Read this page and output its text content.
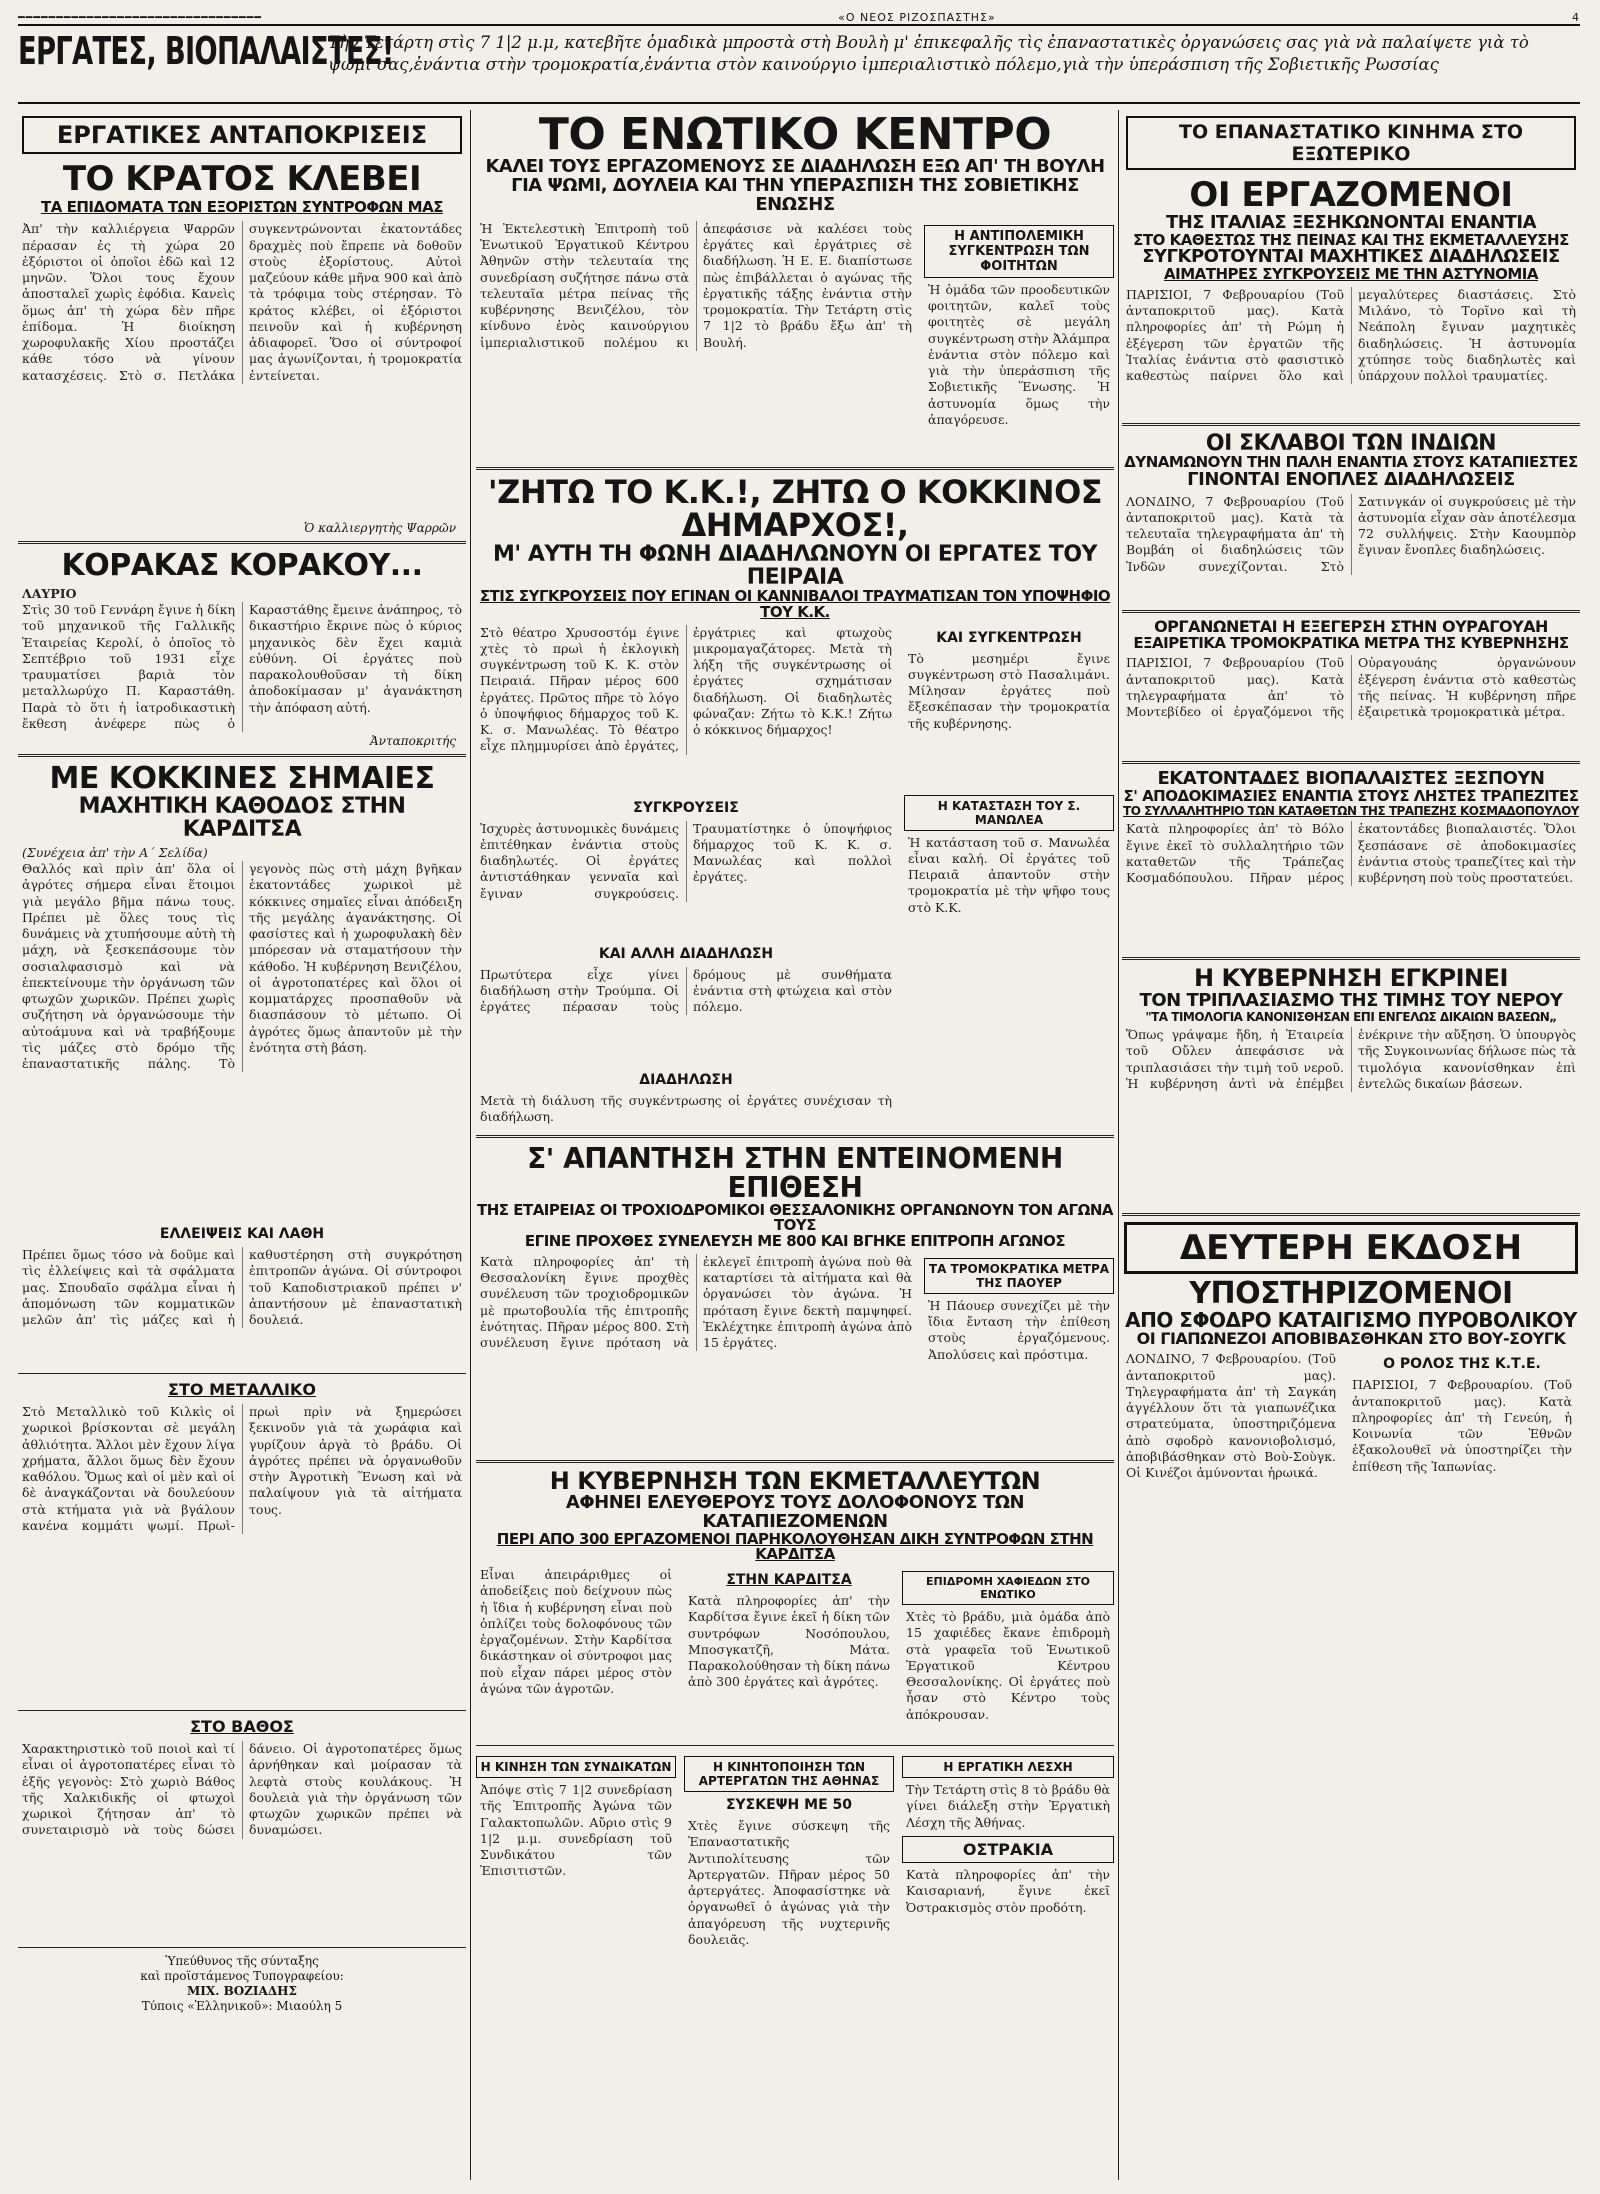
━━━━━━━━━━━━━━━━━━━━━━━━━━━━━━━━	«Ο ΝΕΟΣ ΡΙΖΟΣΠΑΣΤΗΣ»	4
ΕΡΓΑΤΕΣ, ΒΙΟΠΑΛΑΙΣΤΕΣ!
Τὴν Τετάρτη στὶς 7 1|2 μ.μ, κατεβῆτε ὁμαδικὰ μπροστὰ στὴ Βουλὴ μ' ἐπικεφαλῆς τὶς ἐπαναστατικὲς ὀργανώσεις σας γιὰ νὰ παλαίψετε γιὰ τὸ ψωμί σας,ἐνάντια στὴν τρομοκρατία,ἐνάντια στὸν καινούργιο ἰμπεριαλιστικὸ πόλεμο,γιὰ τὴν ὑπεράσπιση τῆς Σοβιετικῆς Ρωσσίας
ΕΡΓΑΤΙΚΕΣ ΑΝΤΑΠΟΚΡΙΣΕΙΣ
ΤΟ ΚΡΑΤΟΣ ΚΛΕΒΕΙ
ΤΑ ΕΠΙΔΟΜΑΤΑ ΤΩΝ ΕΞΟΡΙΣΤΩΝ ΣΥΝΤΡΟΦΩΝ ΜΑΣ
Ἀπ' τὴν καλλιέργεια Ψαρρῶν πέρασαν ἐς τὴ χώρα 20 ἐξόριστοι οἱ ὁποῖοι ἐδῶ καὶ 12 μηνῶν. Ὅλοι τους ἔχουν ἀποσταλεῖ χωρὶς ἐφόδια. Κανεὶς ὅμως ἀπ' τὴ χώρα δὲν πῆρε ἐπίδομα. Ἡ διοίκηση χωροφυλακῆς Χίου προστάζει κάθε τόσο νὰ γίνουν κατασχέσεις. Στὸ σ. Πετλάκα συγκεντρώνονται ἐκατοντάδες δραχμὲς ποὺ ἔπρεπε νὰ δοθοῦν στοὺς ἐξορίστους. Αὐτοὶ μαζεύουν κάθε μῆνα 900 καὶ ἀπὸ τὰ τρόφιμα τοὺς στέρησαν. Τὸ κράτος κλέβει, οἱ ἐξόριστοι πεινοῦν καὶ ἡ κυβέρνηση ἀδιαφορεῖ. Ὅσο οἱ σύντροφοί μας ἀγωνίζονται, ἡ τρομοκρατία ἐντείνεται.
Ὁ καλλιεργητὴς Ψαρρῶν
ΚΟΡΑΚΑΣ ΚΟΡΑΚΟΥ...
ΛΑΥΡΙΟ
Στὶς 30 τοῦ Γεννάρη ἔγινε ἡ δίκη τοῦ μηχανικοῦ τῆς Γαλλικῆς Ἑταιρείας Κερολί, ὁ ὁποῖος τὸ Σεπτέβριο τοῦ 1931 εἶχε τραυματίσει βαριὰ τὸν μεταλλωρύχο Π. Καραστάθη. Παρὰ τὸ ὅτι ἡ ἰατροδικαστικὴ ἔκθεση ἀνέφερε πὼς ὁ Καραστάθης ἔμεινε ἀνάπηρος, τὸ δικαστήριο ἔκρινε πὼς ὁ κύριος μηχανικὸς δὲν ἔχει καμιὰ εὐθύνη. Οἱ ἐργάτες ποὺ παρακολουθοῦσαν τὴ δίκη ἀποδοκίμασαν μ' ἀγανάκτηση τὴν ἀπόφαση αὐτή.
Ἀνταποκριτής
ΜΕ ΚΟΚΚΙΝΕΣ ΣΗΜΑΙΕΣ
ΜΑΧΗΤΙΚΗ ΚΑΘΟΔΟΣ ΣΤΗΝ ΚΑΡΔΙΤΣΑ
(Συνέχεια ἀπ' τὴν Α΄ Σελίδα)
Θαλλός καὶ πρὶν ἀπ' ὅλα οἱ ἀγρότες σήμερα εἶναι ἕτοιμοι γιὰ μεγάλο βῆμα πάνω τους. Πρέπει μὲ ὅλες τους τὶς δυνάμεις νὰ χτυπήσουμε αὐτὴ τὴ μάχη, νὰ ξεσκεπάσουμε τὸν σοσιαλφασισμὸ καὶ νὰ ἐπεκτείνουμε τὴν ὀργάνωση τῶν φτωχῶν χωρικῶν. Πρέπει χωρὶς συζήτηση νὰ ὀργανώσουμε τὴν αὐτοάμυνα καὶ νὰ τραβήξουμε τὶς μάζες στὸ δρόμο τῆς ἐπαναστατικῆς πάλης. Τὸ γεγονὸς πὼς στὴ μάχη βγῆκαν ἑκατοντάδες χωρικοὶ μὲ κόκκινες σημαῖες εἶναι ἀπόδειξη τῆς μεγάλης ἀγανάκτησης. Οἱ φασίστες καὶ ἡ χωροφυλακὴ δὲν μπόρεσαν νὰ σταματήσουν τὴν κάθοδο. Ἡ κυβέρνηση Βενιζέλου, οἱ ἀγροτοπατέρες καὶ ὅλοι οἱ κομματάρχες προσπαθοῦν νὰ διασπάσουν τὸ μέτωπο. Οἱ ἀγρότες ὅμως ἀπαντοῦν μὲ τὴν ἑνότητα στὴ βάση.
ΕΛΛΕΙΨΕΙΣ ΚΑΙ ΛΑΘΗ
Πρέπει ὅμως τόσο νὰ δοῦμε καὶ τὶς ἐλλείψεις καὶ τὰ σφάλματα μας. Σπουδαῖο σφάλμα εἶναι ἡ ἀπομόνωση τῶν κομματικῶν μελῶν ἀπ' τὶς μάζες καὶ ἡ καθυστέρηση στὴ συγκρότηση ἐπιτροπῶν ἀγώνα. Οἱ σύντροφοι τοῦ Καποδιστριακοῦ πρέπει ν' ἀπαντήσουν μὲ ἐπαναστατικὴ δουλειά.
ΣΤΟ ΜΕΤΑΛΛΙΚΟ
Στὸ Μεταλλικὸ τοῦ Κιλκὶς οἱ χωρικοὶ βρίσκονται σὲ μεγάλη ἀθλιότητα. Ἄλλοι μὲν ἔχουν λίγα χρήματα, ἄλλοι ὅμως δὲν ἔχουν καθόλου. Ὅμως καὶ οἱ μὲν καὶ οἱ δὲ ἀναγκάζονται νὰ δουλεύουν στὰ κτήματα γιὰ νὰ βγάλουν κανένα κομμάτι ψωμί. Πρωὶ-πρωὶ πρὶν νὰ ξημερώσει ξεκινοῦν γιὰ τὰ χωράφια καὶ γυρίζουν ἀργὰ τὸ βράδυ. Οἱ ἀγρότες πρέπει νὰ ὀργανωθοῦν στὴν Ἀγροτικὴ Ἕνωση καὶ νὰ παλαίψουν γιὰ τὰ αἰτήματα τους.
ΣΤΟ ΒΑΘΟΣ
Χαρακτηριστικὸ τοῦ ποιοὶ καὶ τί εἶναι οἱ ἀγροτοπατέρες εἶναι τὸ ἑξῆς γεγονὸς: Στὸ χωριὸ Βάθος τῆς Χαλκιδικῆς οἱ φτωχοὶ χωρικοὶ ζήτησαν ἀπ' τὸ συνεταιρισμὸ νὰ τοὺς δώσει δάνειο. Οἱ ἀγροτοπατέρες ὅμως ἀρνήθηκαν καὶ μοίρασαν τὰ λεφτὰ στοὺς κουλάκους. Ἡ δουλειὰ γιὰ τὴν ὀργάνωση τῶν φτωχῶν χωρικῶν πρέπει νὰ δυναμώσει.
Ὑπεύθυνος τῆς σύνταξης
καὶ προϊστάμενος Τυπογραφείου:
ΜΙΧ. ΒΟΖΙΑΔΗΣ
Τύποις «Ἑλληνικοῦ»: Μιαούλη 5
ΤΟ ΕΝΩΤΙΚΟ ΚΕΝΤΡΟ
ΚΑΛΕΙ ΤΟΥΣ ΕΡΓΑΖΟΜΕΝΟΥΣ ΣΕ ΔΙΑΔΗΛΩΣΗ ΕΞΩ ΑΠ' ΤΗ ΒΟΥΛΗ
ΓΙΑ ΨΩΜΙ, ΔΟΥΛΕΙΑ ΚΑΙ ΤΗΝ ΥΠΕΡΑΣΠΙΣΗ ΤΗΣ ΣΟΒΙΕΤΙΚΗΣ ΕΝΩΣΗΣ
Ἡ Ἐκτελεστικὴ Ἐπιτροπὴ τοῦ Ἑνωτικοῦ Ἐργατικοῦ Κέντρου Ἀθηνῶν στὴν τελευταία της συνεδρίαση συζήτησε πάνω στὰ τελευταῖα μέτρα πείνας τῆς κυβέρνησης Βενιζέλου, τὸν κίνδυνο ἑνὸς καινούργιου ἰμπεριαλιστικοῦ πολέμου κι ἀπεφάσισε νὰ καλέσει τοὺς ἐργάτες καὶ ἐργάτριες σὲ διαδήλωση. Ἡ Ε. Ε. διαπίστωσε πὼς ἐπιβάλλεται ὁ αγώνας τῆς ἐργατικῆς τάξης ἐνάντια στὴν τρομοκρατία. Τὴν Τετάρτη στὶς 7 1|2 τὸ βράδυ ἔξω ἀπ' τὴ Βουλή.
Η ΑΝΤΙΠΟΛΕΜΙΚΗ ΣΥΓΚΕΝΤΡΩΣΗ ΤΩΝ ΦΟΙΤΗΤΩΝ
Ἡ ὁμάδα τῶν προοδευτικῶν φοιτητῶν, καλεῖ τοὺς φοιτητὲς σὲ μεγάλη συγκέντρωση στὴν Ἀλάμπρα ἐνάντια στὸν πόλεμο καὶ γιὰ τὴν ὑπεράσπιση τῆς Σοβιετικῆς Ἕνωσης. Ἡ ἀστυνομία ὅμως τὴν ἀπαγόρευσε.
'ΖΗΤΩ ΤΟ Κ.Κ.!, ΖΗΤΩ Ο ΚΟΚΚΙΝΟΣ ΔΗΜΑΡΧΟΣ!,
Μ' ΑΥΤΗ ΤΗ ΦΩΝΗ ΔΙΑΔΗΛΩΝΟΥΝ ΟΙ ΕΡΓΑΤΕΣ ΤΟΥ ΠΕΙΡΑΙΑ
ΣΤΙΣ ΣΥΓΚΡΟΥΣΕΙΣ ΠΟΥ ΕΓΙΝΑΝ ΟΙ ΚΑΝΝΙΒΑΛΟΙ ΤΡΑΥΜΑΤΙΣΑΝ ΤΟΝ ΥΠΟΨΗΦΙΟ ΤΟΥ Κ.Κ.
Στὸ θέατρο Χρυσοστόμ έγινε χτὲς τὸ πρωὶ ἡ ἐκλογικὴ συγκέντρωση τοῦ Κ. Κ. στὸν Πειραιά. Πῆραν μέρος 600 ἐργάτες. Πρῶτος πῆρε τὸ λόγο ὁ ὑποψήφιος δήμαρχος τοῦ Κ. Κ. σ. Μανωλέας. Τὸ θέατρο εἶχε πλημμυρίσει ἀπὸ ἐργάτες, ἐργάτριες καὶ φτωχοὺς μικρομαγαζάτορες. Μετὰ τὴ λήξη τῆς συγκέντρωσης οἱ ἐργάτες σχημάτισαν διαδήλωση. Οἱ διαδηλωτὲς φώναζαν: Ζήτω τὸ Κ.Κ.! Ζήτω ὁ κόκκινος δήμαρχος!
ΣΥΓΚΡΟΥΣΕΙΣ
Ἰσχυρὲς ἀστυνομικὲς δυνάμεις ἐπιτέθηκαν ἐνάντια στοὺς διαδηλωτές. Οἱ ἐργάτες ἀντιστάθηκαν γενναῖα καὶ ἔγιναν συγκρούσεις. Τραυματίστηκε ὁ ὑποψήφιος δήμαρχος τοῦ Κ. Κ. σ. Μανωλέας καὶ πολλοὶ ἐργάτες.
ΚΑΙ ΑΛΛΗ ΔΙΑΔΗΛΩΣΗ
Πρωτύτερα εἶχε γίνει διαδήλωση στὴν Τρούμπα. Οἱ ἐργάτες πέρασαν τοὺς δρόμους μὲ συνθήματα ἐνάντια στὴ φτώχεια καὶ στὸν πόλεμο.
ΔΙΑΔΗΛΩΣΗ
Μετὰ τὴ διάλυση τῆς συγκέντρωσης οἱ ἐργάτες συνέχισαν τὴ διαδήλωση.
ΚΑΙ ΣΥΓΚΕΝΤΡΩΣΗ
Τὸ μεσημέρι ἔγινε συγκέντρωση στὸ Πασαλιμάνι. Μίλησαν ἐργάτες ποὺ ἔξεσκέπασαν τὴν τρομοκρατία τῆς κυβέρνησης.
Η ΚΑΤΑΣΤΑΣΗ ΤΟΥ Σ. ΜΑΝΩΛΕΑ
Ἡ κατάσταση τοῦ σ. Μανωλέα εἶναι καλή. Οἱ ἐργάτες τοῦ Πειραιᾶ ἀπαντοῦν στὴν τρομοκρατία μὲ τὴν ψῆφο τους στὸ Κ.Κ.
Σ' ΑΠΑΝΤΗΣΗ ΣΤΗΝ ΕΝΤΕΙΝΟΜΕΝΗ ΕΠΙΘΕΣΗ
ΤΗΣ ΕΤΑΙΡΕΙΑΣ ΟΙ ΤΡΟΧΙΟΔΡΟΜΙΚΟΙ ΘΕΣΣΑΛΟΝΙΚΗΣ ΟΡΓΑΝΩΝΟΥΝ ΤΟΝ ΑΓΩΝΑ ΤΟΥΣ
ΕΓΙΝΕ ΠΡΟΧΘΕΣ ΣΥΝΕΛΕΥΣΗ ΜΕ 800 ΚΑΙ ΒΓΗΚΕ ΕΠΙΤΡΟΠΗ ΑΓΩΝΟΣ
Κατὰ πληροφορίες ἀπ' τὴ Θεσσαλονίκη ἔγινε προχθὲς συνέλευση τῶν τροχιοδρομικῶν μὲ πρωτοβουλία τῆς ἐπιτροπῆς ἐνότητας. Πῆραν μέρος 800. Στὴ συνέλευση ἔγινε πρόταση νὰ ἐκλεγεῖ ἐπιτροπὴ ἀγώνα ποὺ θὰ καταρτίσει τὰ αἰτήματα καὶ θὰ ὀργανώσει τὸν ἀγώνα. Ἡ πρόταση ἔγινε δεκτὴ παμψηφεί. Ἐκλέχτηκε ἐπιτροπὴ ἀγώνα ἀπὸ 15 ἐργάτες.
ΤΑ ΤΡΟΜΟΚΡΑΤΙΚΑ ΜΕΤΡΑ ΤΗΣ ΠΑΟΥΕΡ
Ἡ Πάουερ συνεχίζει μὲ τὴν ἴδια ἔνταση τὴν ἐπίθεση στοὺς ἐργαζόμενους. Ἀπολύσεις καὶ πρόστιμα.
Η ΚΥΒΕΡΝΗΣΗ ΤΩΝ ΕΚΜΕΤΑΛΛΕΥΤΩΝ
ΑΦΗΝΕΙ ΕΛΕΥΘΕΡΟΥΣ ΤΟΥΣ ΔΟΛΟΦΟΝΟΥΣ ΤΩΝ ΚΑΤΑΠΙΕΖΟΜΕΝΩΝ
ΠΕΡΙ ΑΠΟ 300 ΕΡΓΑΖΟΜΕΝΟΙ ΠΑΡΗΚΟΛΟΥΘΗΣΑΝ ΔΙΚΗ ΣΥΝΤΡΟΦΩΝ ΣΤΗΝ ΚΑΡΔΙΤΣΑ
Εἶναι ἀπειράριθμες οἱ ἀποδείξεις ποὺ δείχνουν πὼς ἡ ἴδια ἡ κυβέρνηση εἶναι ποὺ ὁπλίζει τοὺς δολοφόνους τῶν ἐργαζομένων. Στὴν Καρδίτσα δικάστηκαν οἱ σύντροφοι μας ποὺ εἶχαν πάρει μέρος στὸν ἀγώνα τῶν ἀγροτῶν.
ΣΤΗΝ ΚΑΡΔΙΤΣΑ
Κατὰ πληροφορίες ἀπ' τὴν Καρδίτσα ἔγινε ἐκεῖ ἡ δίκη τῶν συντρόφων Νοσόπουλου, Μποσγκατζῆ, Μάτα. Παρακολούθησαν τὴ δίκη πάνω ἀπὸ 300 ἐργάτες καὶ ἀγρότες.
ΕΠΙΔΡΟΜΗ ΧΑΦΙΕΔΩΝ ΣΤΟ ΕΝΩΤΙΚΟ
Χτὲς τὸ βράδυ, μιὰ ὁμάδα ἀπὸ 15 χαφιέδες ἔκανε ἐπιδρομὴ στὰ γραφεῖα τοῦ Ἑνωτικοῦ Ἐργατικοῦ Κέντρου Θεσσαλονίκης. Οἱ ἐργάτες ποὺ ἦσαν στὸ Κέντρο τοὺς ἀπόκρουσαν.
Η ΚΙΝΗΣΗ ΤΩΝ ΣΥΝΔΙΚΑΤΩΝ
Ἀπόψε στὶς 7 1|2 συνεδρίαση τῆς Ἐπιτροπῆς Ἀγώνα τῶν Γαλακτοπωλῶν. Αὔριο στὶς 9 1|2 μ.μ. συνεδρίαση τοῦ Συνδικάτου τῶν Ἐπισιτιστῶν.
Η ΚΙΝΗΤΟΠΟΙΗΣΗ ΤΩΝ ΑΡΤΕΡΓΑΤΩΝ ΤΗΣ ΑΘΗΝΑΣ
ΣΥΣΚΕΨΗ ΜΕ 50
Χτὲς ἔγινε σύσκεψη τῆς Ἐπαναστατικῆς Ἀντιπολίτευσης τῶν Ἀρτεργατῶν. Πῆραν μέρος 50 ἀρτεργάτες. Ἀποφασίστηκε νὰ ὀργανωθεῖ ὁ ἀγώνας γιὰ τὴν ἀπαγόρευση τῆς νυχτερινῆς δουλειᾶς.
Η ΕΡΓΑΤΙΚΗ ΛΕΣΧΗ
Τὴν Τετάρτη στὶς 8 τὸ βράδυ θὰ γίνει διάλεξη στὴν Ἐργατικὴ Λέσχη τῆς Ἀθήνας.
ΟΣΤΡΑΚΙΑ
Κατὰ πληροφορίες ἀπ' τὴν Καισαριανή, ἔγινε ἐκεῖ Ὀστρακισμὸς στὸν προδότη.
ΤΟ ΕΠΑΝΑΣΤΑΤΙΚΟ ΚΙΝΗΜΑ ΣΤΟ ΕΞΩΤΕΡΙΚΟ
ΟΙ ΕΡΓΑΖΟΜΕΝΟΙ
ΤΗΣ ΙΤΑΛΙΑΣ ΞΕΣΗΚΩΝΟΝΤΑΙ ΕΝΑΝΤΙΑ
ΣΤΟ ΚΑΘΕΣΤΩΣ ΤΗΣ ΠΕΙΝΑΣ ΚΑΙ ΤΗΣ ΕΚΜΕΤΑΛΛΕΥΣΗΣ
ΣΥΓΚΡΟΤΟΥΝΤΑΙ ΜΑΧΗΤΙΚΕΣ ΔΙΑΔΗΛΩΣΕΙΣ
ΑΙΜΑΤΗΡΕΣ ΣΥΓΚΡΟΥΣΕΙΣ ΜΕ ΤΗΝ ΑΣΤΥΝΟΜΙΑ
ΠΑΡΙΣΙΟΙ, 7 Φεβρουαρίου (Τοῦ ἀνταποκριτοῦ μας). Κατὰ πληροφορίες ἀπ' τὴ Ρώμη ἡ ἐξέγερση τῶν ἐργατῶν τῆς Ἰταλίας ἐνάντια στὸ φασιστικὸ καθεστὼς παίρνει ὅλο καὶ μεγαλύτερες διαστάσεις. Στὸ Μιλάνο, τὸ Τορῖνο καὶ τὴ Νεάπολη ἔγιναν μαχητικὲς διαδηλώσεις. Ἡ ἀστυνομία χτύπησε τοὺς διαδηλωτὲς καὶ ὑπάρχουν πολλοὶ τραυματίες.
ΟΙ ΣΚΛΑΒΟΙ ΤΩΝ ΙΝΔΙΩΝ
ΔΥΝΑΜΩΝΟΥΝ ΤΗΝ ΠΑΛΗ ΕΝΑΝΤΙΑ ΣΤΟΥΣ ΚΑΤΑΠΙΕΣΤΕΣ
ΓΙΝΟΝΤΑΙ ΕΝΟΠΛΕΣ ΔΙΑΔΗΛΩΣΕΙΣ
ΛΟΝΔΙΝΟ, 7 Φεβρουαρίου (Τοῦ ἀνταποκριτοῦ μας). Κατὰ τὰ τελευταῖα τηλεγραφήματα ἀπ' τὴ Βομβάη οἱ διαδηλώσεις τῶν Ἰνδῶν συνεχίζονται. Στὸ Σατινγκάν οἱ συγκρούσεις μὲ τὴν ἀστυνομία εἶχαν σὰν ἀποτέλεσμα 72 συλλήψεις. Στὴν Καουμπὸρ ἔγιναν ἔνοπλες διαδηλώσεις.
ΟΡΓΑΝΩΝΕΤΑΙ Η ΕΞΕΓΕΡΣΗ ΣΤΗΝ ΟΥΡΑΓΟΥΑΗ
ΕΞΑΙΡΕΤΙΚΑ ΤΡΟΜΟΚΡΑΤΙΚΑ ΜΕΤΡΑ ΤΗΣ ΚΥΒΕΡΝΗΣΗΣ
ΠΑΡΙΣΙΟΙ, 7 Φεβρουαρίου (Τοῦ ἀνταποκριτοῦ μας). Κατὰ τηλεγραφήματα ἀπ' τὸ Μοντεβίδεο οἱ ἐργαζόμενοι τῆς Οὐραγουάης ὀργανώνουν ἐξέγερση ἐνάντια στὸ καθεστὼς τῆς πείνας. Ἡ κυβέρνηση πῆρε ἐξαιρετικὰ τρομοκρατικὰ μέτρα.
ΕΚΑΤΟΝΤΑΔΕΣ ΒΙΟΠΑΛΑΙΣΤΕΣ ΞΕΣΠΟΥΝ
Σ' ΑΠΟΔΟΚΙΜΑΣΙΕΣ ΕΝΑΝΤΙΑ ΣΤΟΥΣ ΛΗΣΤΕΣ ΤΡΑΠΕΖΙΤΕΣ
ΤΟ ΣΥΛΛΑΛΗΤΗΡΙΟ ΤΩΝ ΚΑΤΑΘΕΤΩΝ ΤΗΣ ΤΡΑΠΕΖΗΣ ΚΟΣΜΑΔΟΠΟΥΛΟΥ
Κατὰ πληροφορίες ἀπ' τὸ Βόλο ἔγινε ἐκεῖ τὸ συλλαλητήριο τῶν καταθετῶν τῆς Τράπεζας Κοσμαδόπουλου. Πῆραν μέρος ἑκατοντάδες βιοπαλαιστές. Ὅλοι ξεσπάσανε σὲ ἀποδοκιμασίες ἐνάντια στοὺς τραπεζίτες καὶ τὴν κυβέρνηση ποὺ τοὺς προστατεύει.
Η ΚΥΒΕΡΝΗΣΗ ΕΓΚΡΙΝΕΙ
ΤΟΝ ΤΡΙΠΛΑΣΙΑΣΜΟ ΤΗΣ ΤΙΜΗΣ ΤΟΥ ΝΕΡΟΥ
"ΤΑ ΤΙΜΟΛΟΓΙΑ ΚΑΝΟΝΙΣΘΗΣΑΝ ΕΠΙ ΕΝΓΕΛΩΣ ΔΙΚΑΙΩΝ ΒΑΣΕΩΝ„
Ὅπως γράψαμε ἤδη, ἡ Ἑταιρεία τοῦ Οὔλεν ἀπεφάσισε νὰ τριπλασιάσει τὴν τιμὴ τοῦ νεροῦ. Ἡ κυβέρνηση ἀντὶ νὰ ἐπέμβει ἐνέκρινε τὴν αὔξηση. Ὁ ὑπουργὸς τῆς Συγκοινωνίας δήλωσε πὼς τὰ τιμολόγια κανονίσθηκαν ἐπὶ ἐντελῶς δικαίων βάσεων.
ΔΕΥΤΕΡΗ ΕΚΔΟΣΗ
ΥΠΟΣΤΗΡΙΖΟΜΕΝΟΙ
ΑΠΟ ΣΦΟΔΡΟ ΚΑΤΑΙΓΙΣΜΟ ΠΥΡΟΒΟΛΙΚΟΥ
ΟΙ ΓΙΑΠΩΝΕΖΟΙ ΑΠΟΒΙΒΑΣΘΗΚΑΝ ΣΤΟ ΒΟΥ-ΣΟΥΓΚ
ΛΟΝΔΙΝΟ, 7 Φεβρουαρίου. (Τοῦ ἀνταποκριτοῦ μας). Τηλεγραφήματα ἀπ' τὴ Σαγκάη ἀγγέλλουν ὅτι τὰ γιαπωνέζικα στρατεύματα, ὑποστηριζόμενα ἀπὸ σφοδρὸ κανονιοβολισμό, ἀποβιβάσθηκαν στὸ Βοὺ-Σοὺγκ. Οἱ Κινέζοι ἀμύνονται ἡρωικά.
Ο ΡΟΛΟΣ ΤΗΣ Κ.Τ.Ε.
ΠΑΡΙΣΙΟΙ, 7 Φεβρουαρίου. (Τοῦ ἀνταποκριτοῦ μας). Κατὰ πληροφορίες ἀπ' τὴ Γενεύη, ἡ Κοινωνία τῶν Ἐθνῶν ἐξακολουθεῖ νὰ ὑποστηρίζει τὴν ἐπίθεση τῆς Ἰαπωνίας.
